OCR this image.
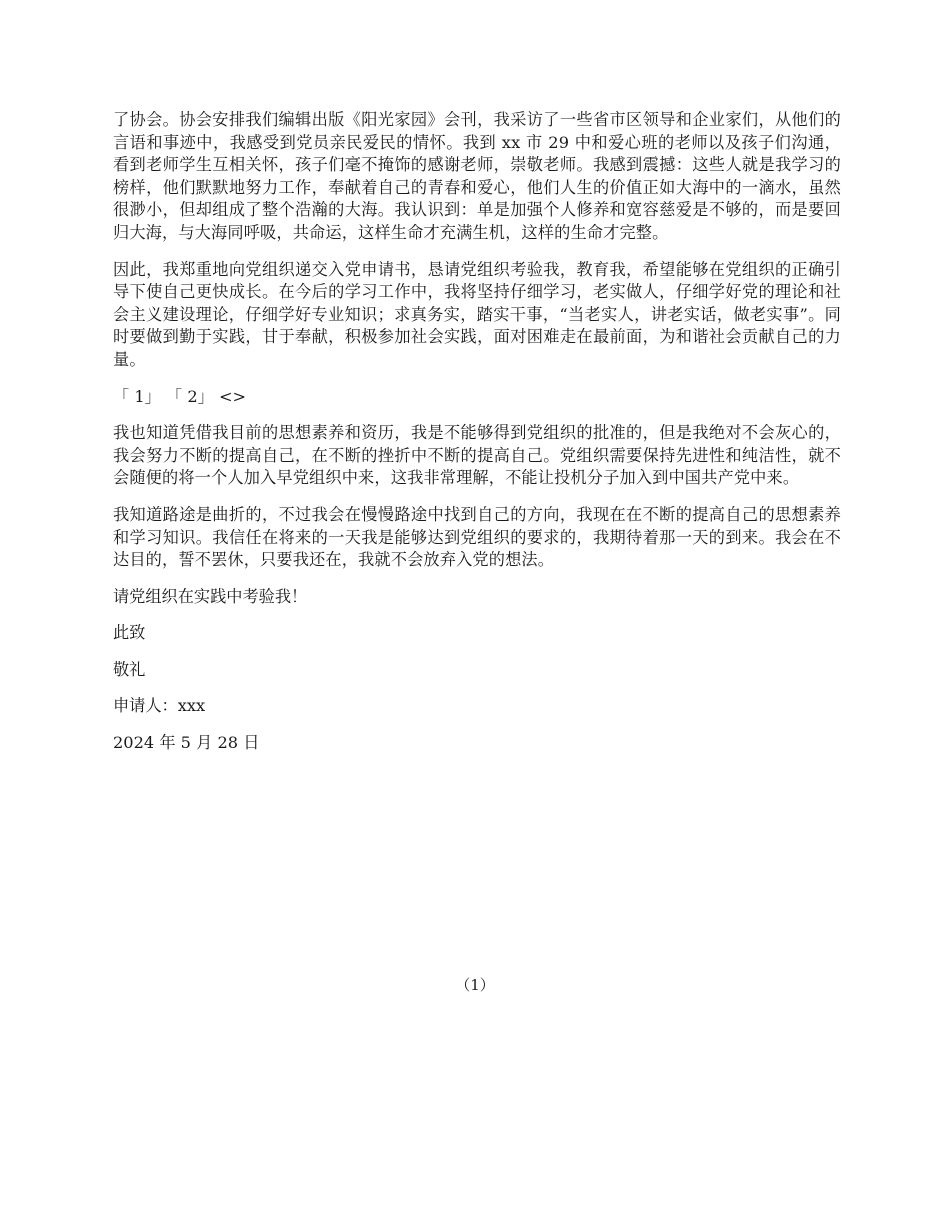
了协会。协会安排我们编辑出版《阳光家园》会刊，我采访了一些省市区领导和企业家们，从他们的言语和事迹中，我感受到党员亲民爱民的情怀。我到 xx 市 29 中和爱心班的老师以及孩子们沟通，看到老师学生互相关怀，孩子们毫不掩饰的感谢老师，崇敬老师。我感到震撼：这些人就是我学习的榜样，他们默默地努力工作，奉献着自己的青春和爱心，他们人生的价值正如大海中的一滴水，虽然很渺小，但却组成了整个浩瀚的大海。我认识到：单是加强个人修养和宽容慈爱是不够的，而是要回归大海，与大海同呼吸，共命运，这样生命才充满生机，这样的生命才完整。

因此，我郑重地向党组织递交入党申请书，恳请党组织考验我，教育我，希望能够在党组织的正确引导下使自己更快成长。在今后的学习工作中，我将坚持仔细学习，老实做人，仔细学好党的理论和社会主义建设理论，仔细学好专业知识；求真务实，踏实干事，“当老实人，讲老实话，做老实事”。同时要做到勤于实践，甘于奉献，积极参加社会实践，面对困难走在最前面，为和谐社会贡献自己的力量。

「 1」 「 2」 <>

我也知道凭借我目前的思想素养和资历，我是不能够得到党组织的批准的，但是我绝对不会灰心的，我会努力不断的提高自己，在不断的挫折中不断的提高自己。党组织需要保持先进性和纯洁性，就不会随便的将一个人加入早党组织中来，这我非常理解，不能让投机分子加入到中国共产党中来。

我知道路途是曲折的，不过我会在慢慢路途中找到自己的方向，我现在在不断的提高自己的思想素养和学习知识。我信任在将来的一天我是能够达到党组织的要求的，我期待着那一天的到来。我会在不达目的，誓不罢休，只要我还在，我就不会放弃入党的想法。

请党组织在实践中考验我！

此致

敬礼

申请人：xxx

2024 年 5 月 28 日

（1）
